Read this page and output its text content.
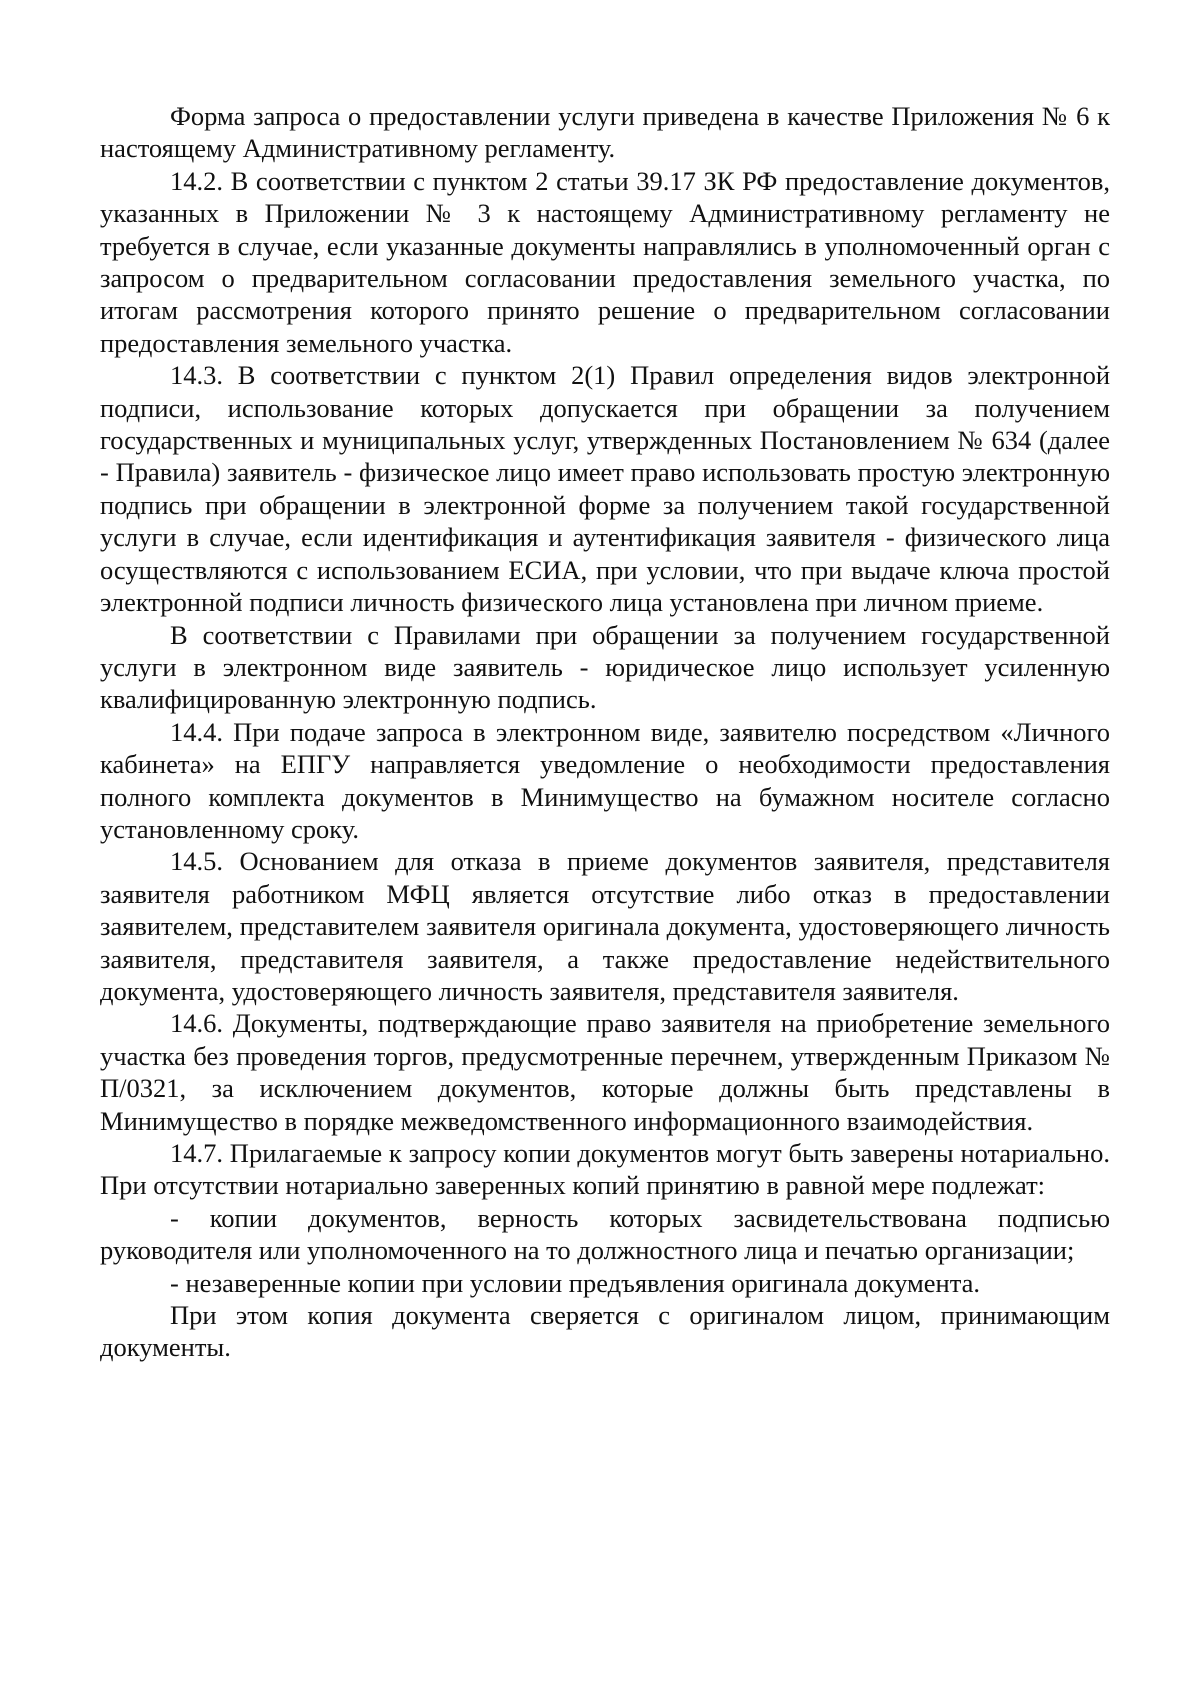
Форма запроса о предоставлении услуги приведена в качестве Приложения № 6 к настоящему Административному регламенту.

14.2. В соответствии с пунктом 2 статьи 39.17 ЗК РФ предоставление документов, указанных в Приложении № 3 к настоящему Административному регламенту не требуется в случае, если указанные документы направлялись в уполномоченный орган с запросом о предварительном согласовании предоставления земельного участка, по итогам рассмотрения которого принято решение о предварительном согласовании предоставления земельного участка.

14.3. В соответствии с пунктом 2(1) Правил определения видов электронной подписи, использование которых допускается при обращении за получением государственных и муниципальных услуг, утвержденных Постановлением № 634 (далее - Правила) заявитель - физическое лицо имеет право использовать простую электронную подпись при обращении в электронной форме за получением такой государственной услуги в случае, если идентификация и аутентификация заявителя - физического лица осуществляются с использованием ЕСИА, при условии, что при выдаче ключа простой электронной подписи личность физического лица установлена при личном приеме.

В соответствии с Правилами при обращении за получением государственной услуги в электронном виде заявитель - юридическое лицо использует усиленную квалифицированную электронную подпись.

14.4. При подаче запроса в электронном виде, заявителю посредством «Личного кабинета» на ЕПГУ направляется уведомление о необходимости предоставления полного комплекта документов в Минимущество на бумажном носителе согласно установленному сроку.

14.5. Основанием для отказа в приеме документов заявителя, представителя заявителя работником МФЦ является отсутствие либо отказ в предоставлении заявителем, представителем заявителя оригинала документа, удостоверяющего личность заявителя, представителя заявителя, а также предоставление недействительного документа, удостоверяющего личность заявителя, представителя заявителя.

14.6. Документы, подтверждающие право заявителя на приобретение земельного участка без проведения торгов, предусмотренные перечнем, утвержденным Приказом № П/0321, за исключением документов, которые должны быть представлены в Минимущество в порядке межведомственного информационного взаимодействия.

14.7. Прилагаемые к запросу копии документов могут быть заверены нотариально. При отсутствии нотариально заверенных копий принятию в равной мере подлежат:

- копии документов, верность которых засвидетельствована подписью руководителя или уполномоченного на то должностного лица и печатью организации;

- незаверенные копии при условии предъявления оригинала документа.

При этом копия документа сверяется с оригиналом лицом, принимающим документы.
